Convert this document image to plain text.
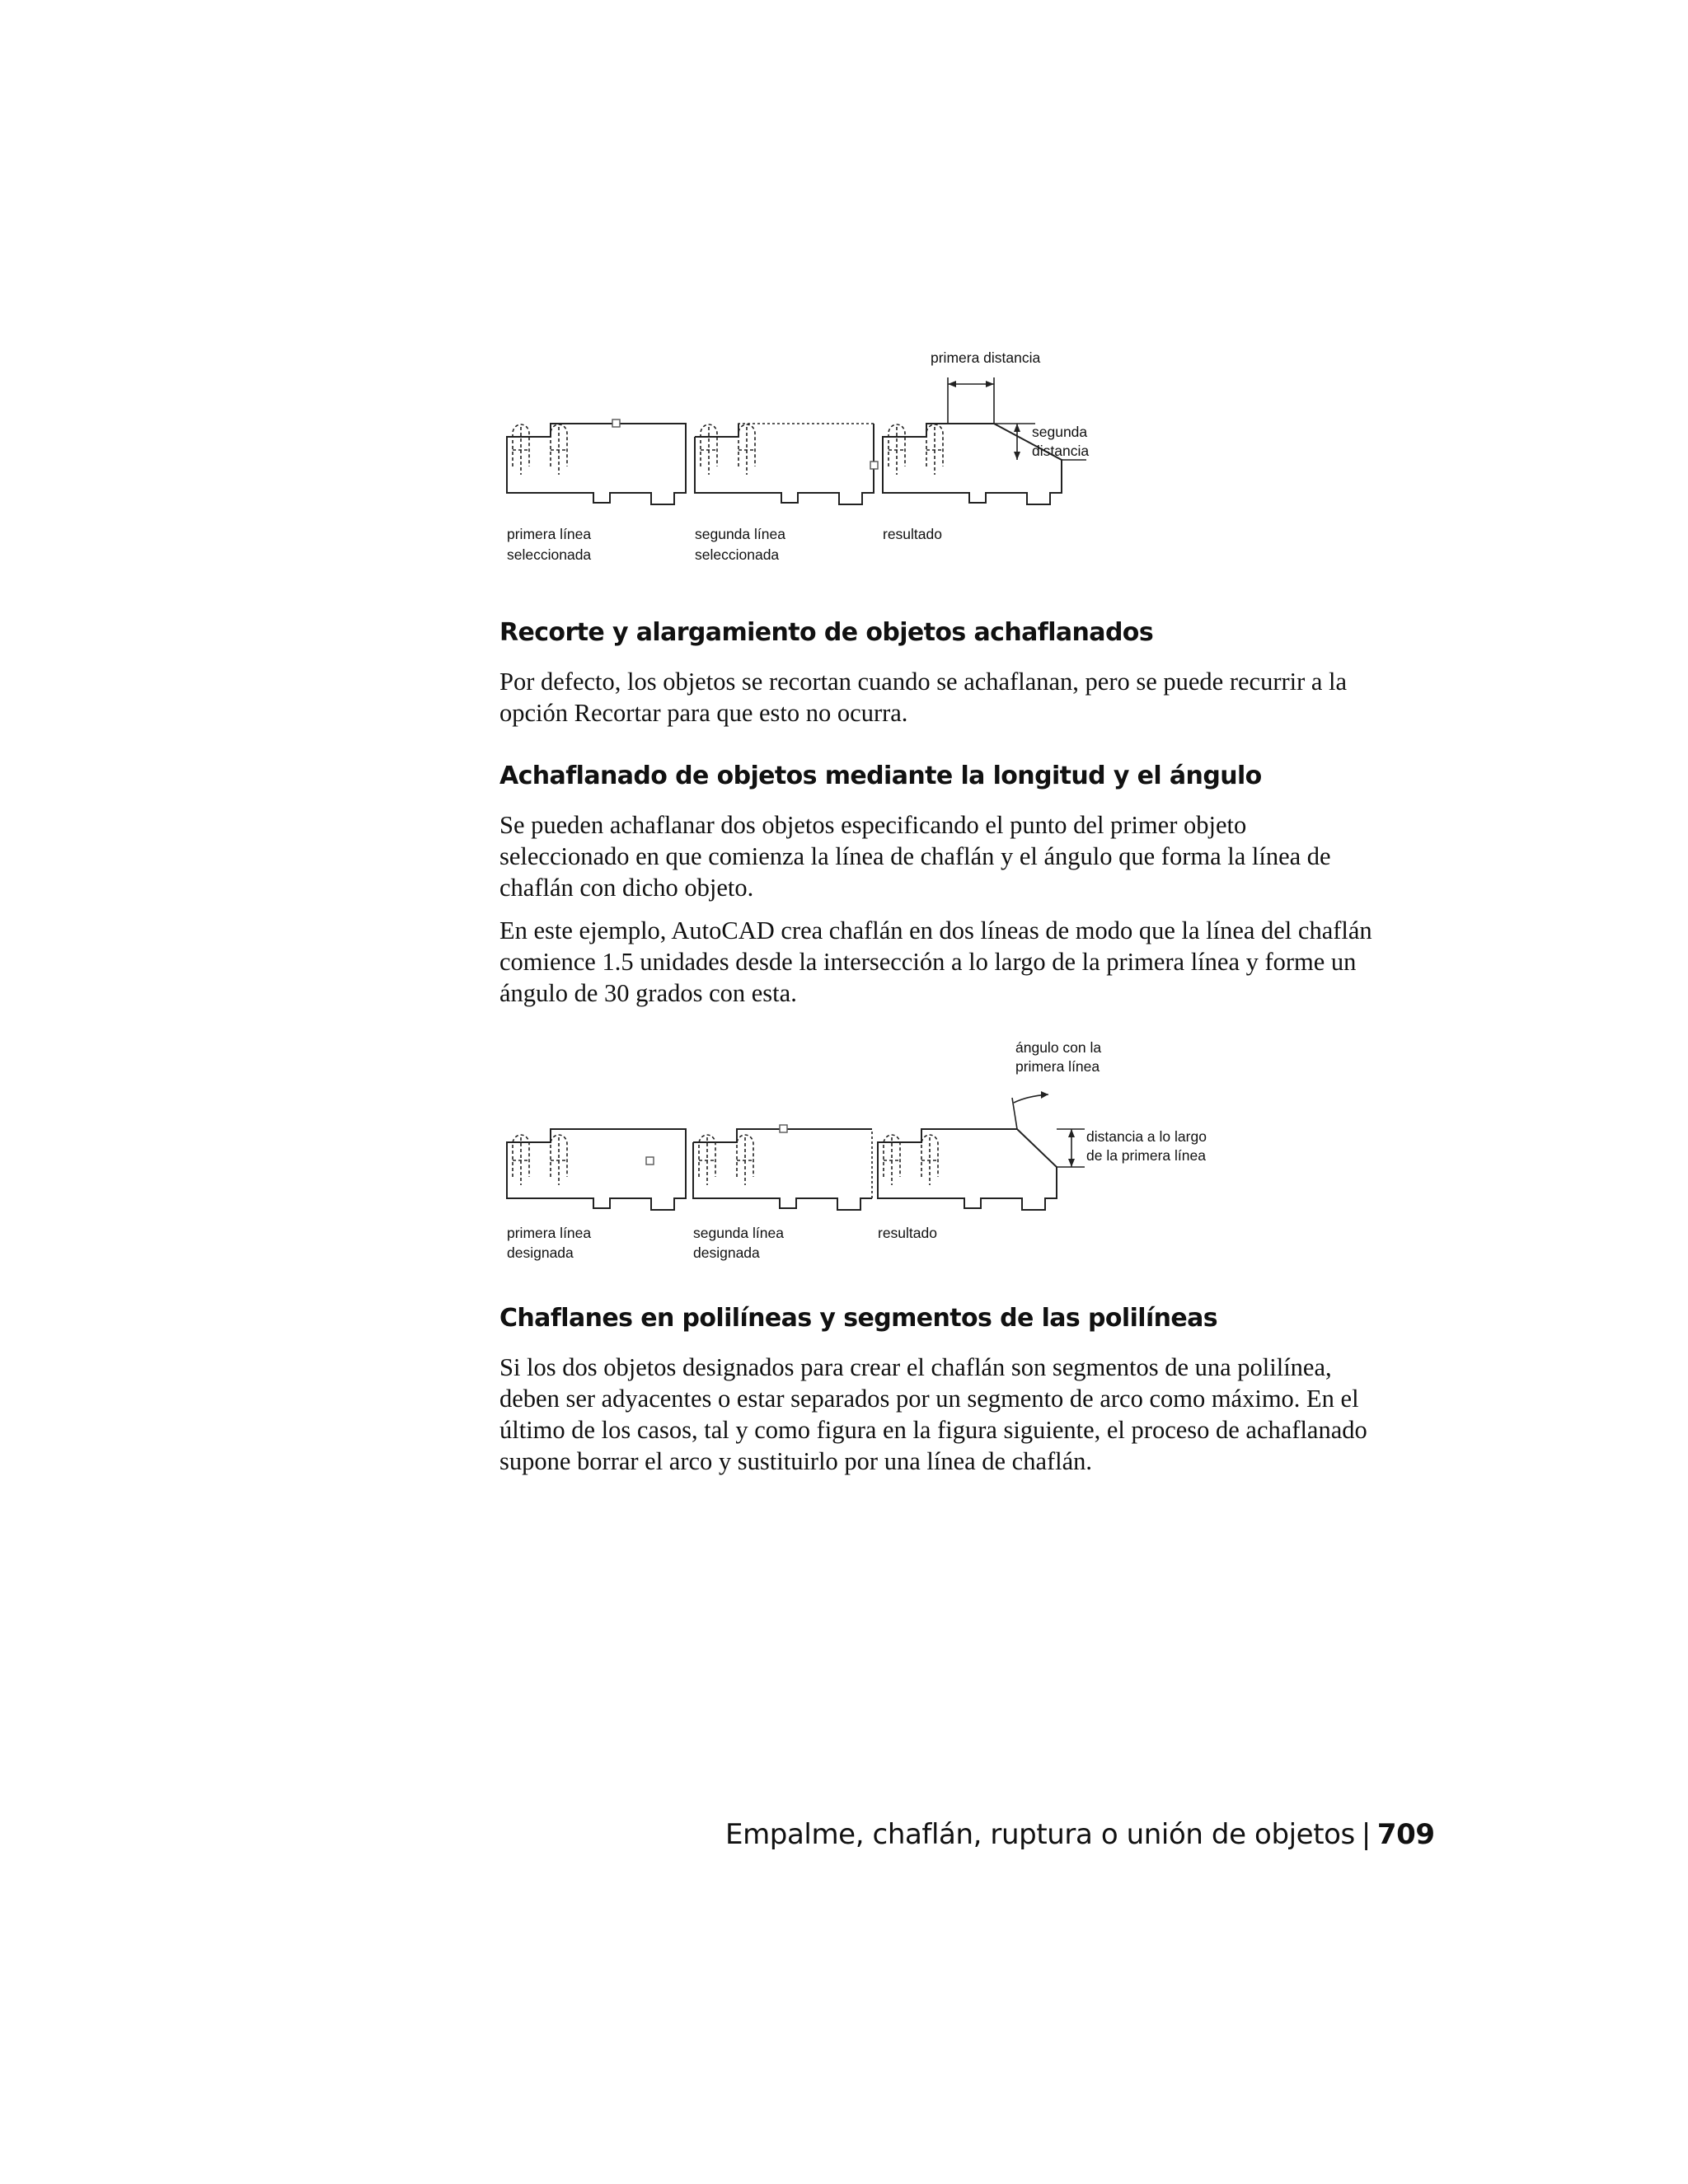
primera línea
seleccionada
segunda línea
seleccionada
primera distancia
segunda
distancia
resultado
Recorte y alargamiento de objetos achaflanados

Por defecto, los objetos se recortan cuando se achaflanan, pero se puede recurrir a la opción Recortar para que esto no ocurra.

Achaflanado de objetos mediante la longitud y el ángulo

Se pueden achaflanar dos objetos especificando el punto del primer objeto seleccionado en que comienza la línea de chaflán y el ángulo que forma la línea de chaflán con dicho objeto.

En este ejemplo, AutoCAD crea chaflán en dos líneas de modo que la línea del chaflán comience 1.5 unidades desde la intersección a lo largo de la primera línea y forme un ángulo de 30 grados con esta.

primera línea
designada
segunda línea
designada
ángulo con la
primera línea
distancia a lo largo
de la primera línea
resultado
Chaflanes en polilíneas y segmentos de las polilíneas

Si los dos objetos designados para crear el chaflán son segmentos de una polilínea, deben ser adyacentes o estar separados por un segmento de arco como máximo. En el último de los casos, tal y como figura en la figura siguiente, el proceso de achaflanado supone borrar el arco y sustituirlo por una línea de chaflán.

Empalme, chaflán, ruptura o unión de objetos | 709
